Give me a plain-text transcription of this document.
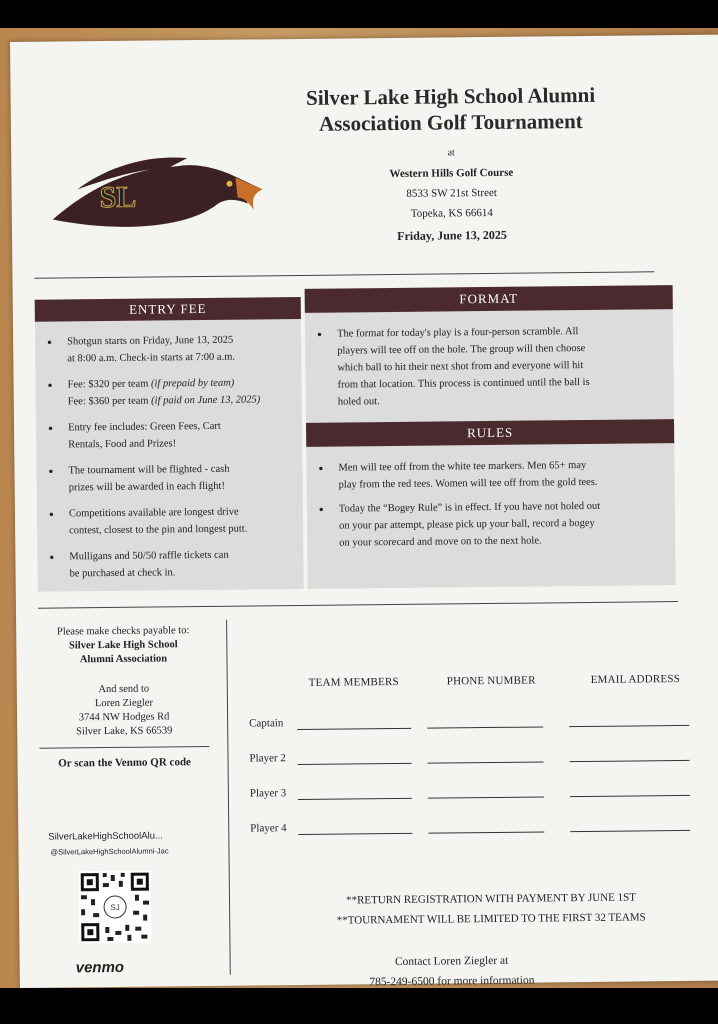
SL
Silver Lake High School Alumni
Association Golf Tournament
at
Western Hills Golf Course
8533 SW 21st Street
Topeka, KS 66614
Friday, June 13, 2025
ENTRY FEE
● Shotgun starts on Friday, June 13, 2025
at 8:00 a.m. Check-in starts at 7:00 a.m.
● Fee: $320 per team (if prepaid by team)
Fee: $360 per team (if paid on June 13, 2025)
● Entry fee includes: Green Fees, Cart
Rentals, Food and Prizes!
● The tournament will be flighted - cash
prizes will be awarded in each flight!
● Competitions available are longest drive
contest, closest to the pin and longest putt.
● Mulligans and 50/50 raffle tickets can
be purchased at check in.
FORMAT
● The format for today's play is a four-person scramble. All
players will tee off on the hole. The group will then choose
which ball to hit their next shot from and everyone will hit
from that location. This process is continued until the ball is
holed out.
RULES
● Men will tee off from the white tee markers. Men 65+ may
play from the red tees. Women will tee off from the gold tees.
● Today the “Bogey Rule” is in effect. If you have not holed out
on your par attempt, please pick up your ball, record a bogey
on your scorecard and move on to the next hole.
Please make checks payable to:
Silver Lake High School
Alumni Association
And send to
Loren Ziegler
3744 NW Hodges Rd
Silver Lake, KS 66539
Or scan the Venmo QR code
SilverLakeHighSchoolAlu...
@SilverLakeHighSchoolAlumni-Jac
SJ
venmo
TEAM MEMBERS	PHONE NUMBER	EMAIL ADDRESS
Captain
Player 2
Player 3
Player 4
**RETURN REGISTRATION WITH PAYMENT BY JUNE 1ST
**TOURNAMENT WILL BE LIMITED TO THE FIRST 32 TEAMS
Contact Loren Ziegler at
785-249-6500 for more information
